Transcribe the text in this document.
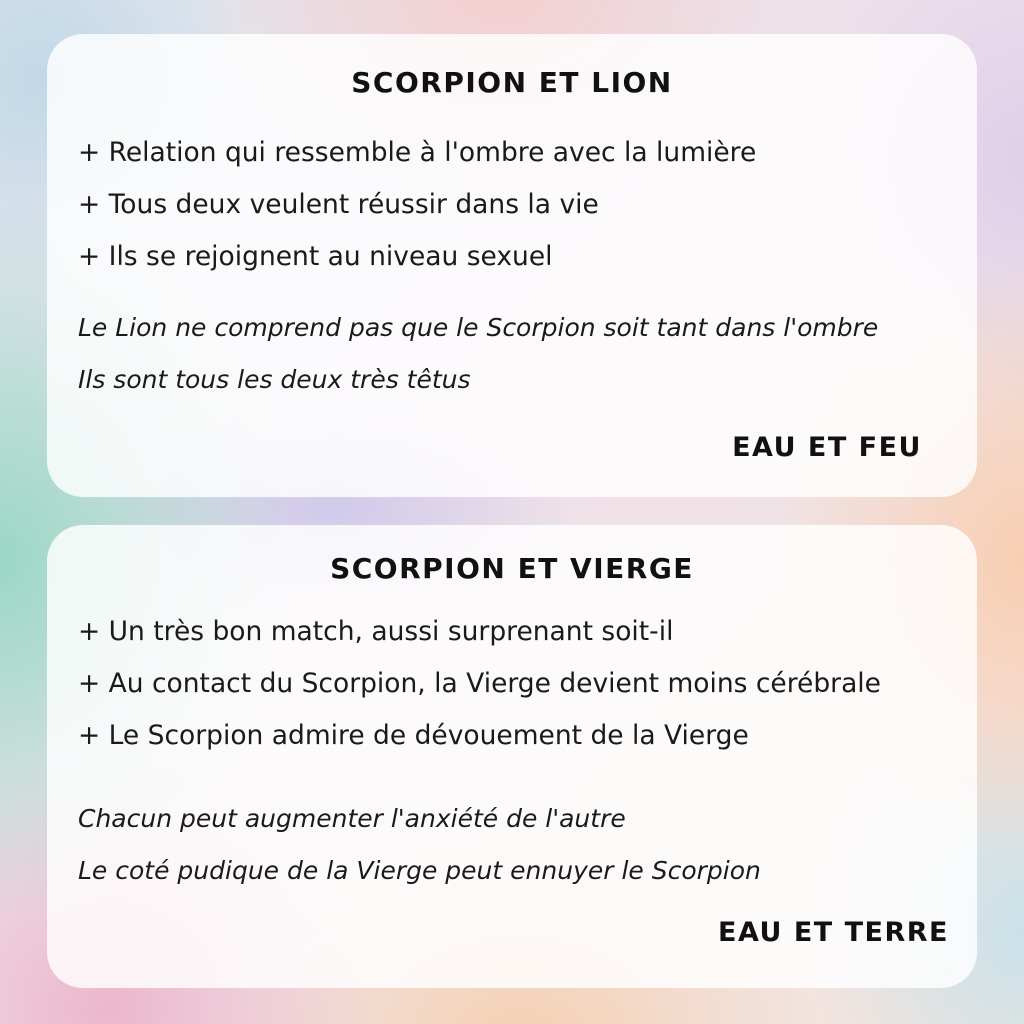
SCORPION ET LION
+ Relation qui ressemble à l'ombre avec la lumière
+ Tous deux veulent réussir dans la vie
+ Ils se rejoignent au niveau sexuel
Le Lion ne comprend pas que le Scorpion soit tant dans l'ombre
Ils sont tous les deux très têtus
EAU ET FEU
SCORPION ET VIERGE
+ Un très bon match, aussi surprenant soit-il
+ Au contact du Scorpion, la Vierge devient moins cérébrale
+ Le Scorpion admire de dévouement de la Vierge
Chacun peut augmenter l'anxiété de l'autre
Le coté pudique de la Vierge peut ennuyer le Scorpion
EAU ET TERRE
